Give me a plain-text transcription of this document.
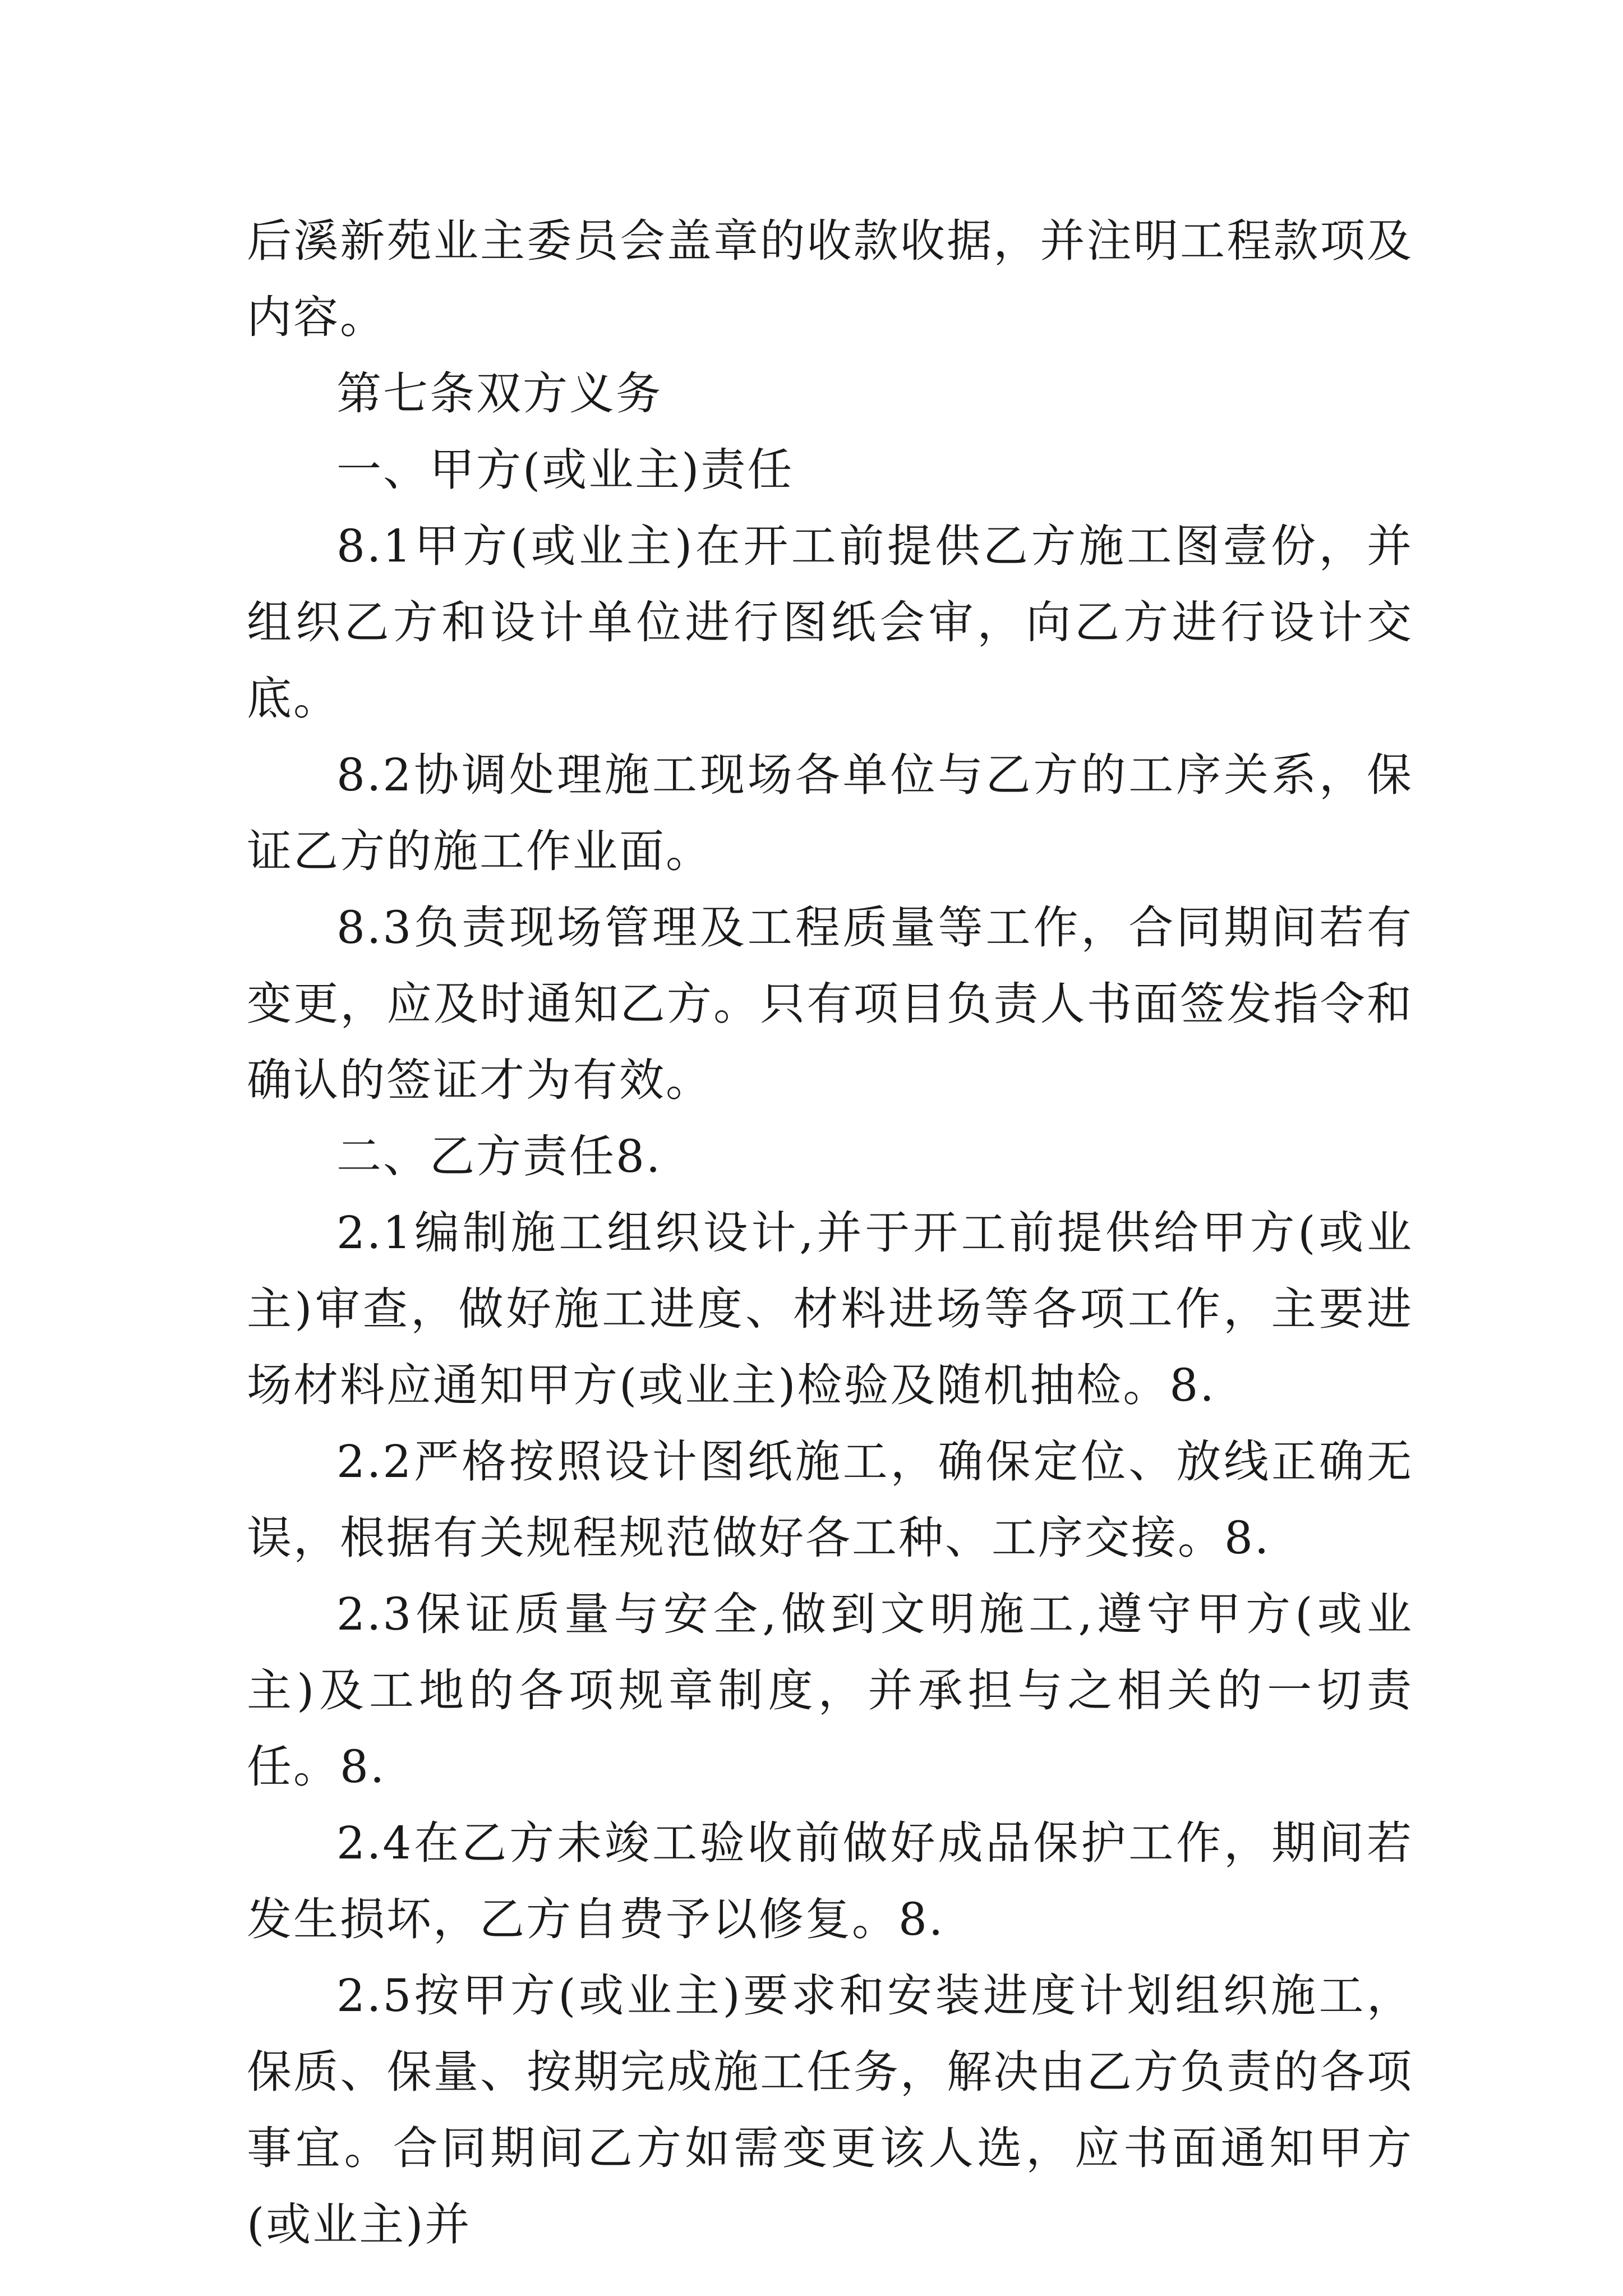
后溪新苑业主委员会盖章的收款收据，并注明工程款项及内容。

第七条双方义务

一、甲方(或业主)责任

8.1甲方(或业主)在开工前提供乙方施工图壹份，并组织乙方和设计单位进行图纸会审，向乙方进行设计交底。

8.2协调处理施工现场各单位与乙方的工序关系，保证乙方的施工作业面。

8.3负责现场管理及工程质量等工作，合同期间若有变更，应及时通知乙方。只有项目负责人书面签发指令和确认的签证才为有效。

二、乙方责任8.

2.1编制施工组织设计,并于开工前提供给甲方(或业主)审查，做好施工进度、材料进场等各项工作，主要进场材料应通知甲方(或业主)检验及随机抽检。8.

2.2严格按照设计图纸施工，确保定位、放线正确无误，根据有关规程规范做好各工种、工序交接。8.

2.3保证质量与安全,做到文明施工,遵守甲方(或业主)及工地的各项规章制度，并承担与之相关的一切责任。8.

2.4在乙方未竣工验收前做好成品保护工作，期间若发生损坏，乙方自费予以修复。8.

2.5按甲方(或业主)要求和安装进度计划组织施工，保质、保量、按期完成施工任务，解决由乙方负责的各项事宜。合同期间乙方如需变更该人选，应书面通知甲方(或业主)并
